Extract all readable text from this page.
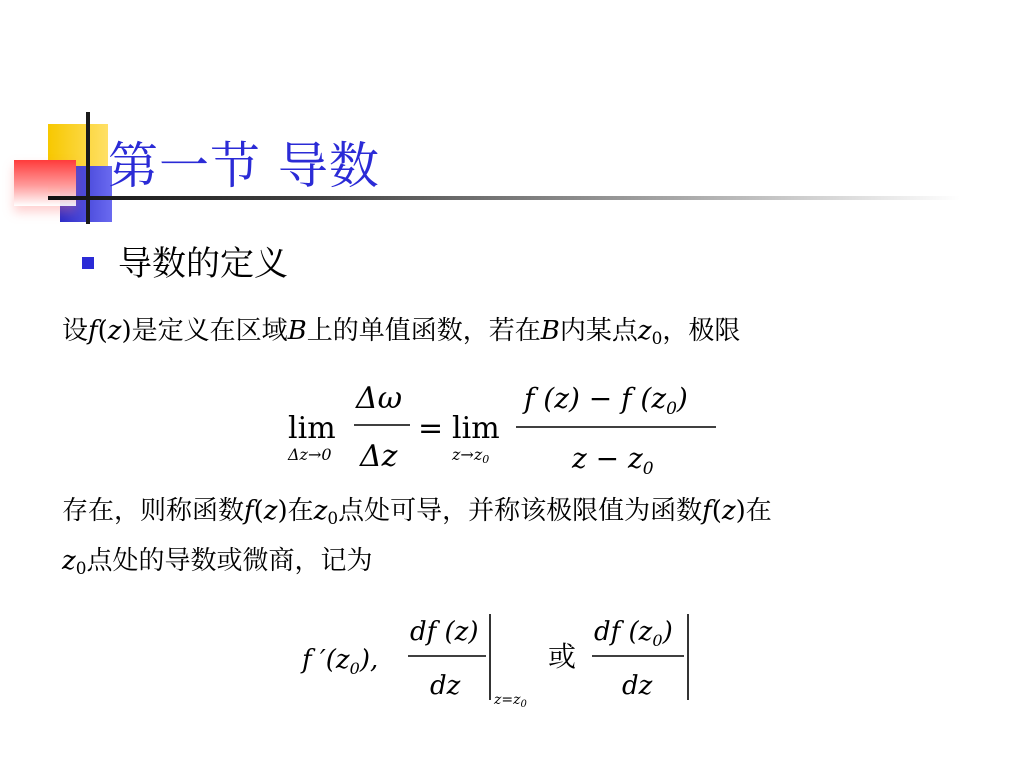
第一节 导数
导数的定义
设f(z)是定义在区域B上的单值函数，若在B内某点$z_0$，极限
存在，则称函数f(z)在$z_0$点处可导，并称该极限值为函数f(z)在
$z_0$点处的导数或微商，记为
lim
Δz→0
Δω
Δz
= lim
z→z0
f (z) − f $(z_0)$
$z - z_0$
f $'(z_0)$,
df (z)
dz $z=z_0$
或
df $(z_0)$
dz
